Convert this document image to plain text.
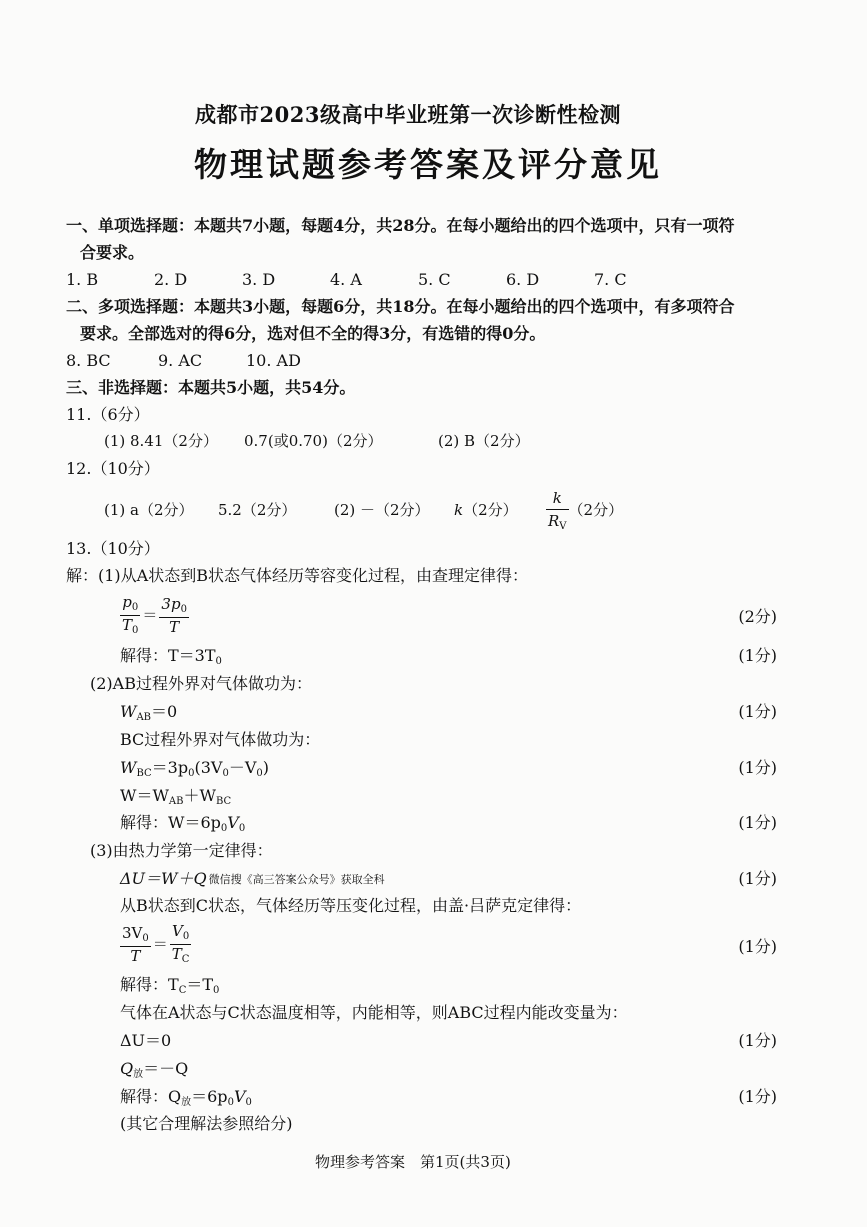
成都市2023级高中毕业班第一次诊断性检测
物理试题参考答案及评分意见
一、单项选择题：本题共7小题，每题4分，共28分。在每小题给出的四个选项中，只有一项符
合要求。
1. B	2. D	3. D	4. A	5. C	6. D	7. C
二、多项选择题：本题共3小题，每题6分，共18分。在每小题给出的四个选项中，有多项符合
要求。全部选对的得6分，选对但不全的得3分，有选错的得0分。
8. BC	9. AC	10. AD
三、非选择题：本题共5小题，共54分。
11.（6分）
(1) 8.41（2分） 0.7(或0.70)（2分）	(2) B（2分）
12.（10分）
(1) a（2分） 5.2（2分）	(2) －（2分） k（2分） $\frac{k}{R_V} (2$分）
13.（10分）
解：(1)从A状态到B状态气体经历等容变化过程，由查理定律得：
$\frac{p_0}{T_0} = \frac{3p_0}{T}$	(2分)
解得：$T=3T_0$	(1分)
(2)AB过程外界对气体做功为：
$W_{AB}=0$	(1分)
BC过程外界对气体做功为：
$W_{BC}=3p_0(3V_0-V_0)$	(1分)
$W=W_{AB}+W_{BC}$
解得：$W=6p_0V_0$	(1分)
(3)由热力学第一定律得：
ΔU＝W＋Q 微信搜《高三答案公众号》获取全科	(1分)
从B状态到C状态，气体经历等压变化过程，由盖·吕萨克定律得：
$\frac{3V_0}{T} = \frac{V_0}{T_C}$	(1分)
解得：$T_C=T_0$
气体在A状态与C状态温度相等，内能相等，则ABC过程内能改变量为：
ΔU＝0	(1分)
$Q_放=-Q$
解得：$Q_放=6p_0V_0$	(1分)
(其它合理解法参照给分)
物理参考答案　第1页(共3页)
